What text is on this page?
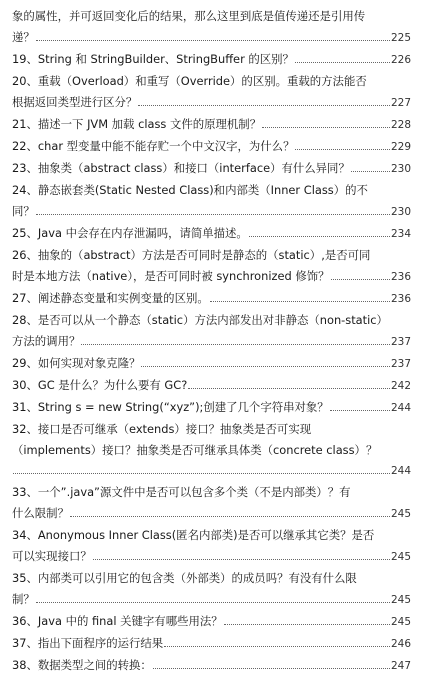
象的属性，并可返回变化后的结果，那么这里到底是值传递还是引用传
递？	225
19、String 和 StringBuilder、StringBuffer 的区别？	226
20、重载（Overload）和重写（Override）的区别。重载的方法能否
根据返回类型进行区分？	227
21、描述一下 JVM 加载 class 文件的原理机制？	228
22、char 型变量中能不能存贮一个中文汉字，为什么？	229
23、抽象类（abstract class）和接口（interface）有什么异同？	230
24、静态嵌套类(Static Nested Class)和内部类（Inner Class）的不
同？	230
25、Java 中会存在内存泄漏吗，请简单描述。	234
26、抽象的（abstract）方法是否可同时是静态的（static）,是否可同
时是本地方法（native），是否可同时被 synchronized 修饰？	236
27、阐述静态变量和实例变量的区别。	236
28、是否可以从一个静态（static）方法内部发出对非静态（non-static）
方法的调用？	237
29、如何实现对象克隆？	237
30、GC 是什么？为什么要有 GC?	242
31、String s = new String(“xyz”);创建了几个字符串对象？	244
32、接口是否可继承（extends）接口？抽象类是否可实现
（implements）接口？抽象类是否可继承具体类（concrete class）？
244
33、一个”.java”源文件中是否可以包含多个类（不是内部类）？有
什么限制？	245
34、Anonymous Inner Class(匿名内部类)是否可以继承其它类？是否
可以实现接口？	245
35、内部类可以引用它的包含类（外部类）的成员吗？有没有什么限
制？	245
36、Java 中的 final 关键字有哪些用法？	245
37、指出下面程序的运行结果	246
38、数据类型之间的转换：	247
